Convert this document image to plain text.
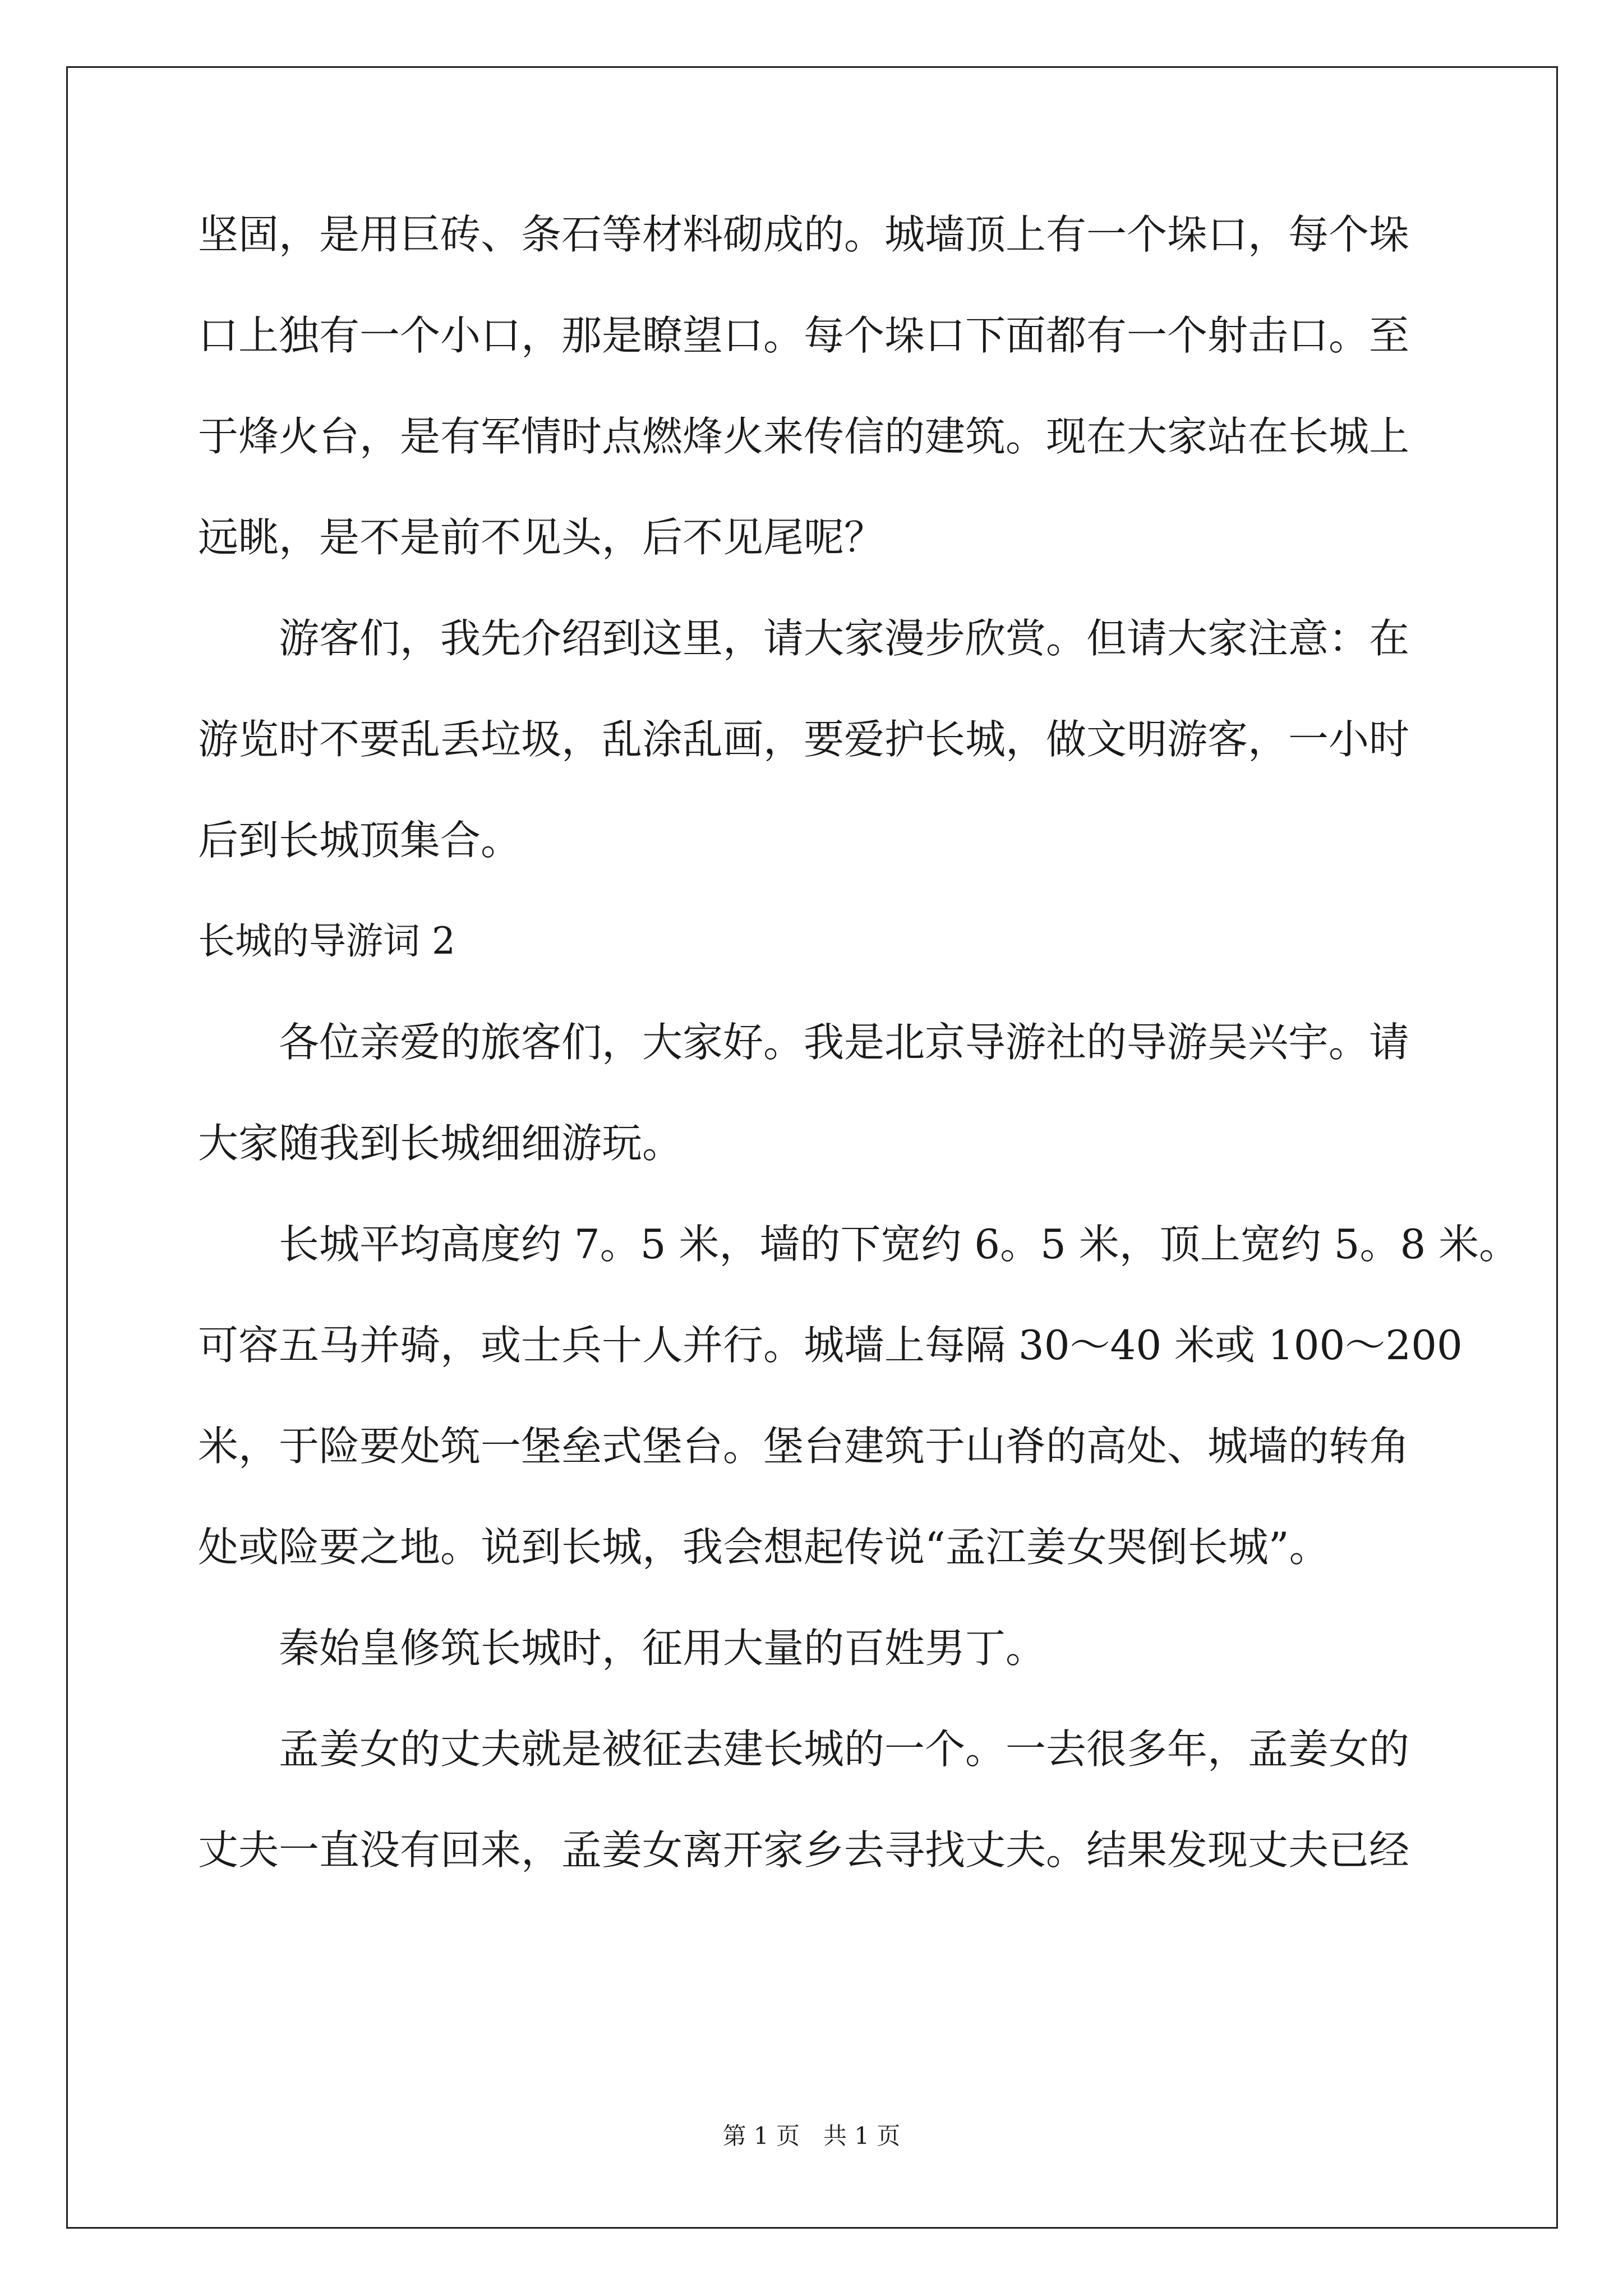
坚固，是用巨砖、条石等材料砌成的。城墙顶上有一个垛口，每个垛
口上独有一个小口，那是瞭望口。每个垛口下面都有一个射击口。至
于烽火台，是有军情时点燃烽火来传信的建筑。现在大家站在长城上
远眺，是不是前不见头，后不见尾呢？
游客们，我先介绍到这里，请大家漫步欣赏。但请大家注意：在
游览时不要乱丢垃圾，乱涂乱画，要爱护长城，做文明游客，一小时
后到长城顶集合。
长城的导游词 2
各位亲爱的旅客们，大家好。我是北京导游社的导游吴兴宇。请
大家随我到长城细细游玩。
长城平均高度约 7。5 米，墙的下宽约 6。5 米，顶上宽约 5。8 米。
可容五马并骑，或士兵十人并行。城墙上每隔 30～40 米或 100～200
米，于险要处筑一堡垒式堡台。堡台建筑于山脊的高处、城墙的转角
处或险要之地。说到长城，我会想起传说“孟江姜女哭倒长城”。
秦始皇修筑长城时，征用大量的百姓男丁。
孟姜女的丈夫就是被征去建长城的一个。一去很多年，孟姜女的
丈夫一直没有回来，孟姜女离开家乡去寻找丈夫。结果发现丈夫已经
第 1 页　共 1 页
